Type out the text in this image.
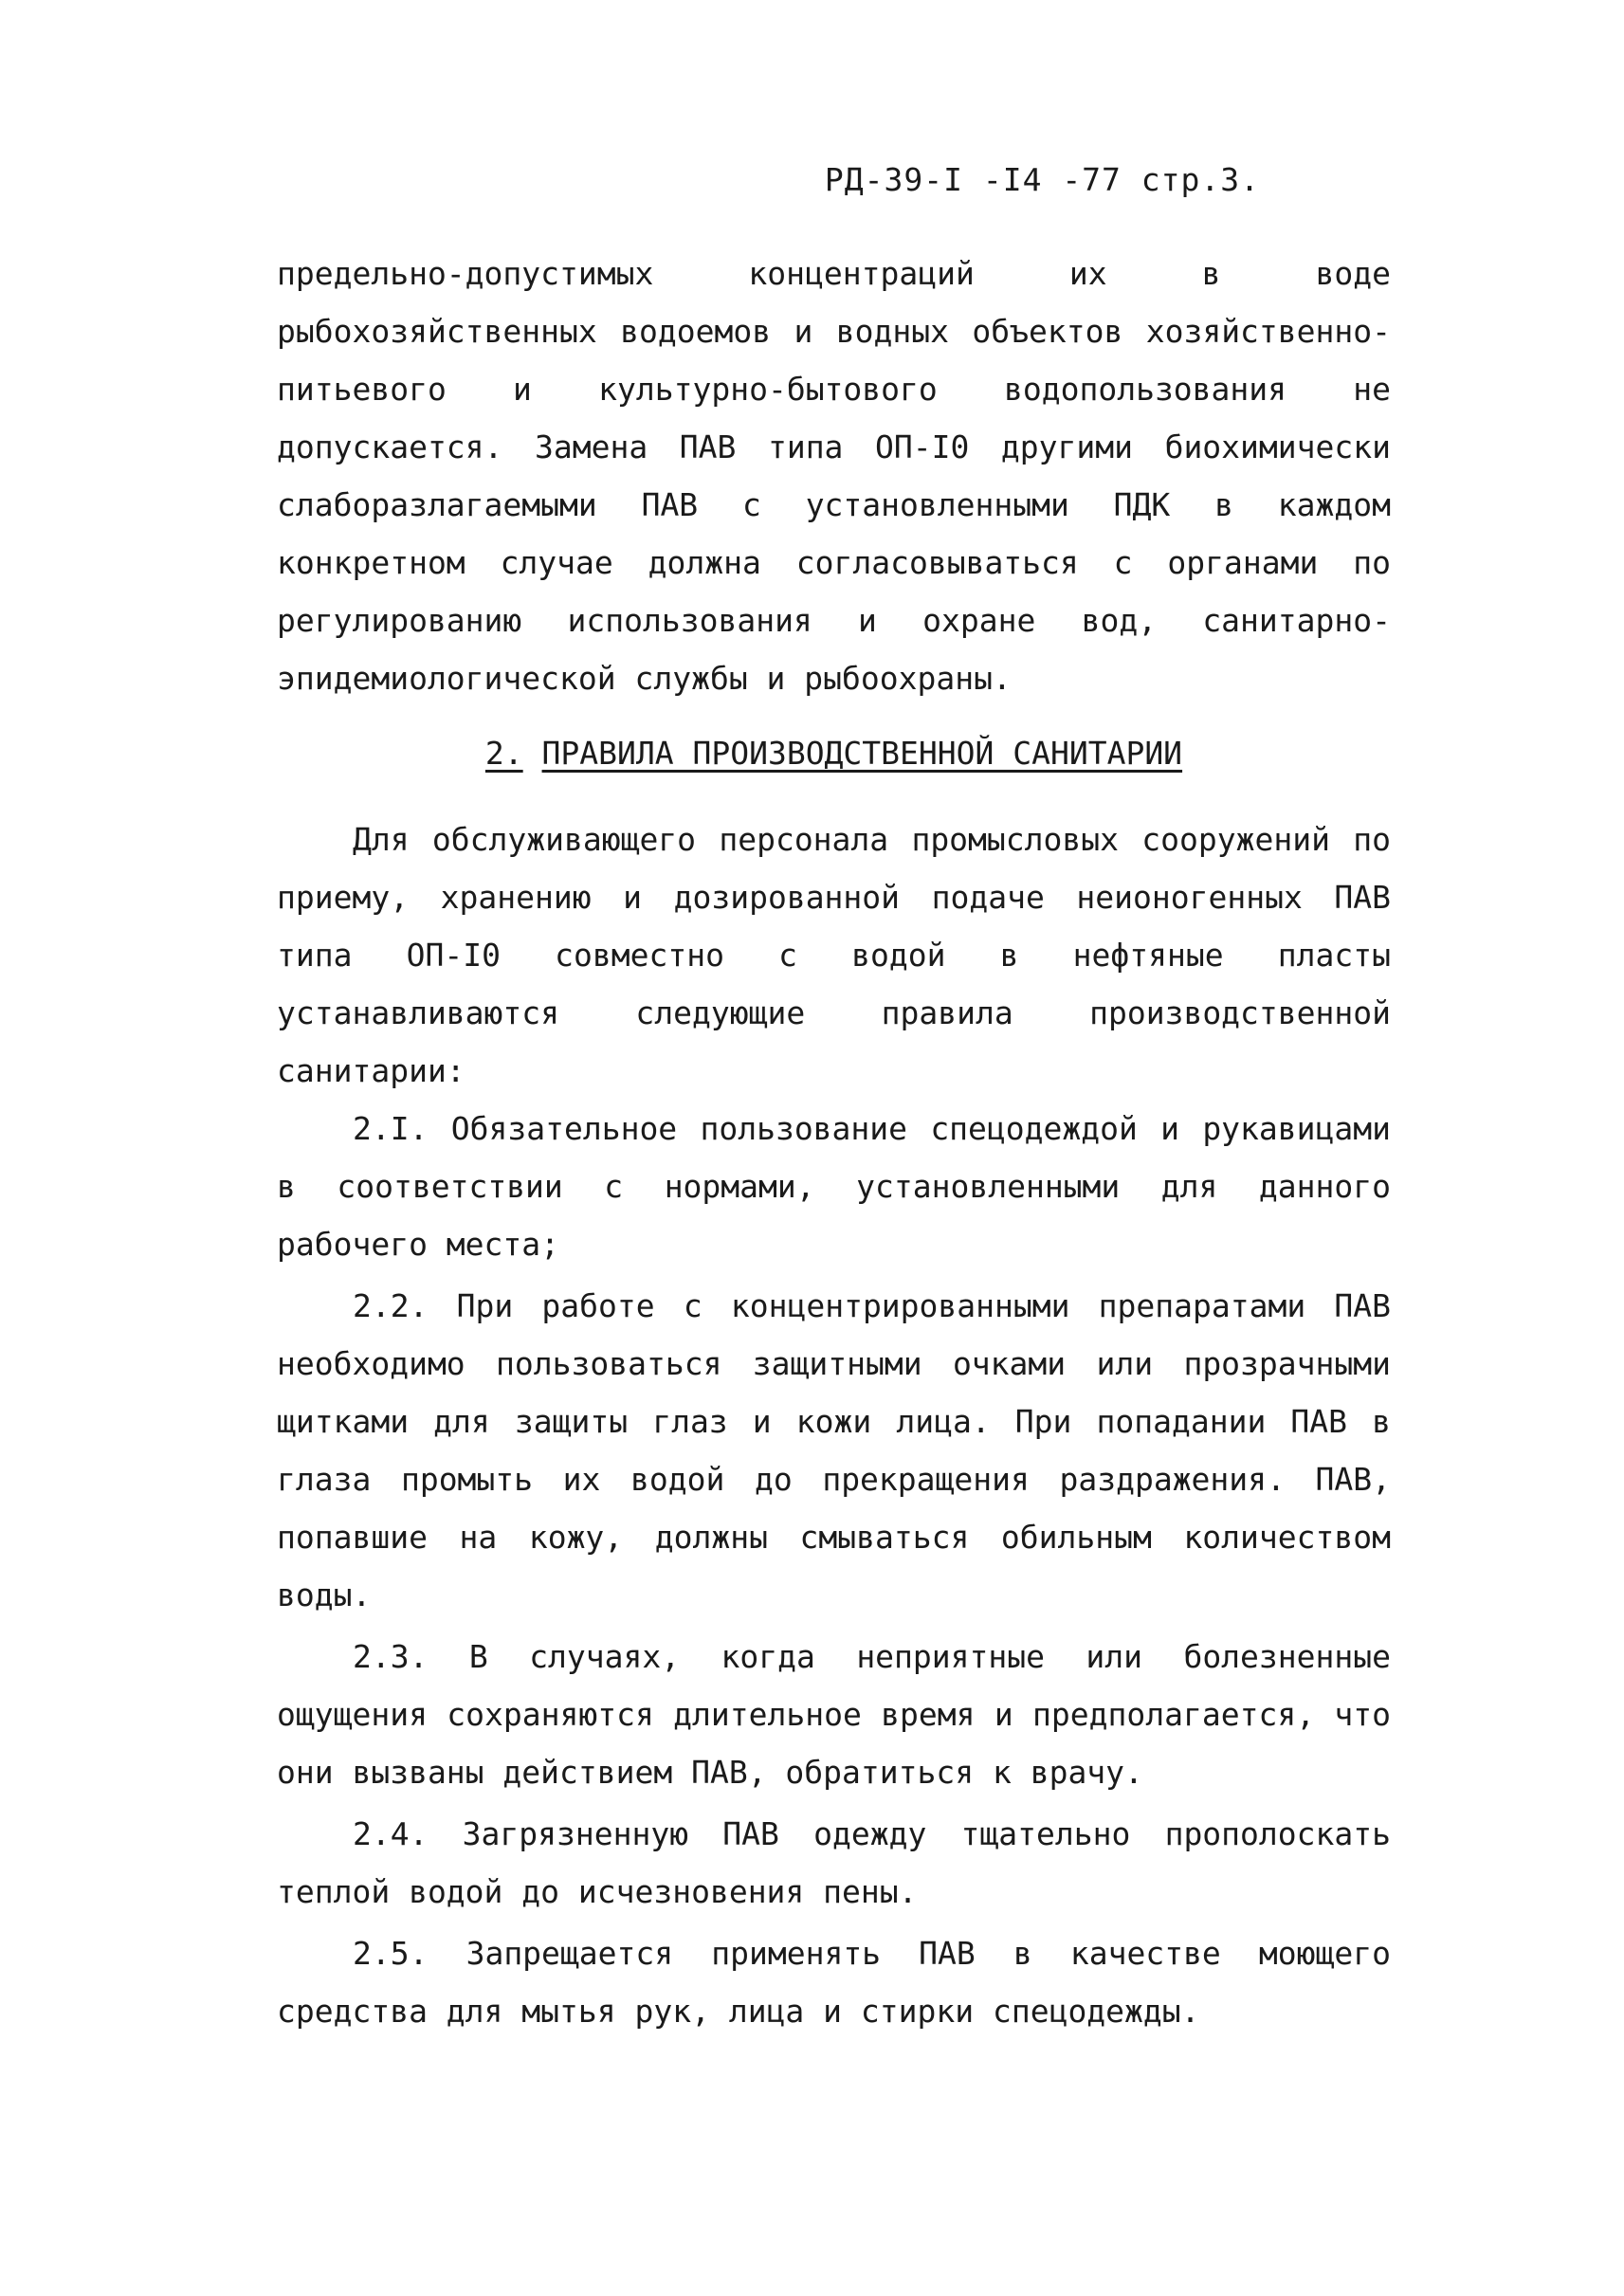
РД-39-I -I4 -77 стр.3.

предельно-допустимых концентраций их в воде рыбохозяйственных водоемов и водных объектов хозяйственно-питьевого и культурно-бытового водопользования не допускается. Замена ПАВ типа ОП-I0 другими биохимически слаборазлагаемыми ПАВ с установленными ПДК в каждом конкретном случае должна согласовываться с органами по регулированию использования и охране вод, санитарно-эпидемиологической службы и рыбоохраны.

2. ПРАВИЛА ПРОИЗВОДСТВЕННОЙ САНИТАРИИ

Для обслуживающего персонала промысловых сооружений по приему, хранению и дозированной подаче неионогенных ПАВ типа ОП-I0 совместно с водой в нефтяные пласты устанавливаются следующие правила производственной санитарии:

2.I. Обязательное пользование спецодеждой и рукавицами в соответствии с нормами, установленными для данного рабочего места;

2.2. При работе с концентрированными препаратами ПАВ необходимо пользоваться защитными очками или прозрачными щитками для защиты глаз и кожи лица. При попадании ПАВ в глаза промыть их водой до прекращения раздражения. ПАВ, попавшие на кожу, должны смываться обильным количеством воды.

2.3. В случаях, когда неприятные или болезненные ощущения сохраняются длительное время и предполагается, что они вызваны действием ПАВ, обратиться к врачу.

2.4. Загрязненную ПАВ одежду тщательно прополоскать теплой водой до исчезновения пены.

2.5. Запрещается применять ПАВ в качестве моющего средства для мытья рук, лица и стирки спецодежды.
